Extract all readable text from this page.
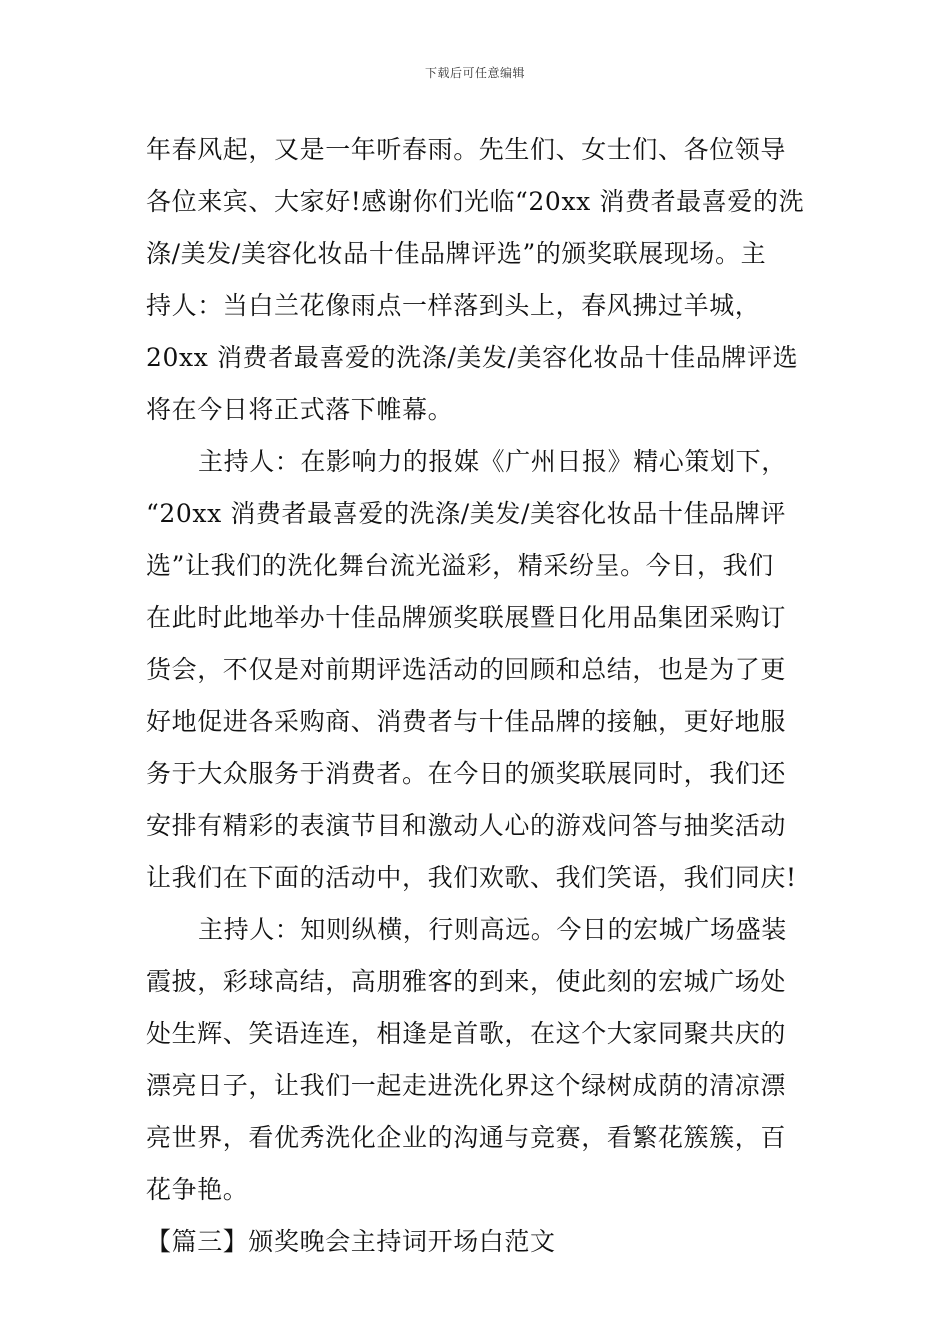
下载后可任意编辑
年春风起，又是一年听春雨。先生们、女士们、各位领导
各位来宾、大家好!感谢你们光临“20xx 消费者最喜爱的洗
涤/美发/美容化妆品十佳品牌评选”的颁奖联展现场。主
持人：当白兰花像雨点一样落到头上，春风拂过羊城，
20xx 消费者最喜爱的洗涤/美发/美容化妆品十佳品牌评选
将在今日将正式落下帷幕。
主持人：在影响力的报媒《广州日报》精心策划下，
“20xx 消费者最喜爱的洗涤/美发/美容化妆品十佳品牌评
选”让我们的洗化舞台流光溢彩，精采纷呈。今日，我们
在此时此地举办十佳品牌颁奖联展暨日化用品集团采购订
货会，不仅是对前期评选活动的回顾和总结，也是为了更
好地促进各采购商、消费者与十佳品牌的接触，更好地服
务于大众服务于消费者。在今日的颁奖联展同时，我们还
安排有精彩的表演节目和激动人心的游戏问答与抽奖活动
让我们在下面的活动中，我们欢歌、我们笑语，我们同庆!
主持人：知则纵横，行则高远。今日的宏城广场盛装
霞披，彩球高结，高朋雅客的到来，使此刻的宏城广场处
处生辉、笑语连连，相逢是首歌，在这个大家同聚共庆的
漂亮日子，让我们一起走进洗化界这个绿树成荫的清凉漂
亮世界，看优秀洗化企业的沟通与竞赛，看繁花簇簇，百
花争艳。
【篇三】颁奖晚会主持词开场白范文
